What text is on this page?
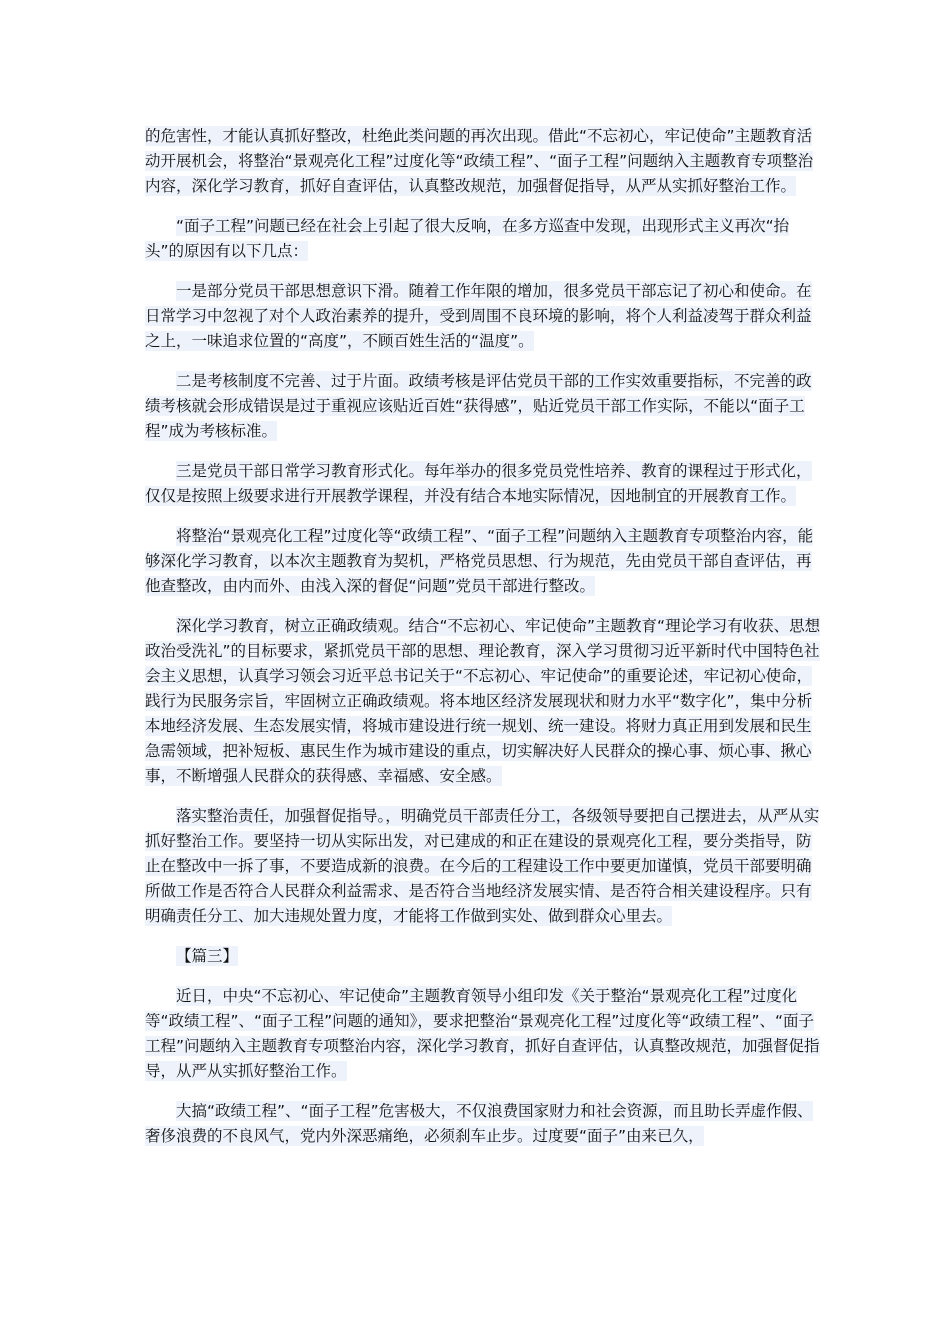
的危害性，才能认真抓好整改，杜绝此类问题的再次出现。借此“不忘初心，牢记使命”主题教育活动开展机会，将整治“景观亮化工程”过度化等“政绩工程”、“面子工程”问题纳入主题教育专项整治内容，深化学习教育，抓好自查评估，认真整改规范，加强督促指导，从严从实抓好整治工作。

“面子工程”问题已经在社会上引起了很大反响，在多方巡查中发现，出现形式主义再次“抬头”的原因有以下几点：

一是部分党员干部思想意识下滑。随着工作年限的增加，很多党员干部忘记了初心和使命。在日常学习中忽视了对个人政治素养的提升，受到周围不良环境的影响，将个人利益凌驾于群众利益之上，一味追求位置的“高度”，不顾百姓生活的“温度”。

二是考核制度不完善、过于片面。政绩考核是评估党员干部的工作实效重要指标，不完善的政绩考核就会形成错误是过于重视应该贴近百姓“获得感”，贴近党员干部工作实际，不能以“面子工程”成为考核标准。

三是党员干部日常学习教育形式化。每年举办的很多党员党性培养、教育的课程过于形式化，仅仅是按照上级要求进行开展教学课程，并没有结合本地实际情况，因地制宜的开展教育工作。

将整治“景观亮化工程”过度化等“政绩工程”、“面子工程”问题纳入主题教育专项整治内容，能够深化学习教育，以本次主题教育为契机，严格党员思想、行为规范，先由党员干部自查评估，再他查整改，由内而外、由浅入深的督促“问题”党员干部进行整改。

深化学习教育，树立正确政绩观。结合“不忘初心、牢记使命”主题教育“理论学习有收获、思想政治受洗礼”的目标要求，紧抓党员干部的思想、理论教育，深入学习贯彻习近平新时代中国特色社会主义思想，认真学习领会习近平总书记关于“不忘初心、牢记使命”的重要论述，牢记初心使命，践行为民服务宗旨，牢固树立正确政绩观。将本地区经济发展现状和财力水平“数字化”，集中分析本地经济发展、生态发展实情，将城市建设进行统一规划、统一建设。将财力真正用到发展和民生急需领域，把补短板、惠民生作为城市建设的重点，切实解决好人民群众的操心事、烦心事、揪心事，不断增强人民群众的获得感、幸福感、安全感。

落实整治责任，加强督促指导。，明确党员干部责任分工，各级领导要把自己摆进去，从严从实抓好整治工作。要坚持一切从实际出发，对已建成的和正在建设的景观亮化工程，要分类指导，防止在整改中一拆了事，不要造成新的浪费。在今后的工程建设工作中要更加谨慎，党员干部要明确所做工作是否符合人民群众利益需求、是否符合当地经济发展实情、是否符合相关建设程序。只有明确责任分工、加大违规处置力度，才能将工作做到实处、做到群众心里去。

【篇三】

近日，中央“不忘初心、牢记使命”主题教育领导小组印发《关于整治“景观亮化工程”过度化等“政绩工程”、“面子工程”问题的通知》，要求把整治“景观亮化工程”过度化等“政绩工程”、“面子工程”问题纳入主题教育专项整治内容，深化学习教育，抓好自查评估，认真整改规范，加强督促指导，从严从实抓好整治工作。

大搞“政绩工程”、“面子工程”危害极大，不仅浪费国家财力和社会资源，而且助长弄虚作假、奢侈浪费的不良风气，党内外深恶痛绝，必须刹车止步。过度要“面子”由来已久，
